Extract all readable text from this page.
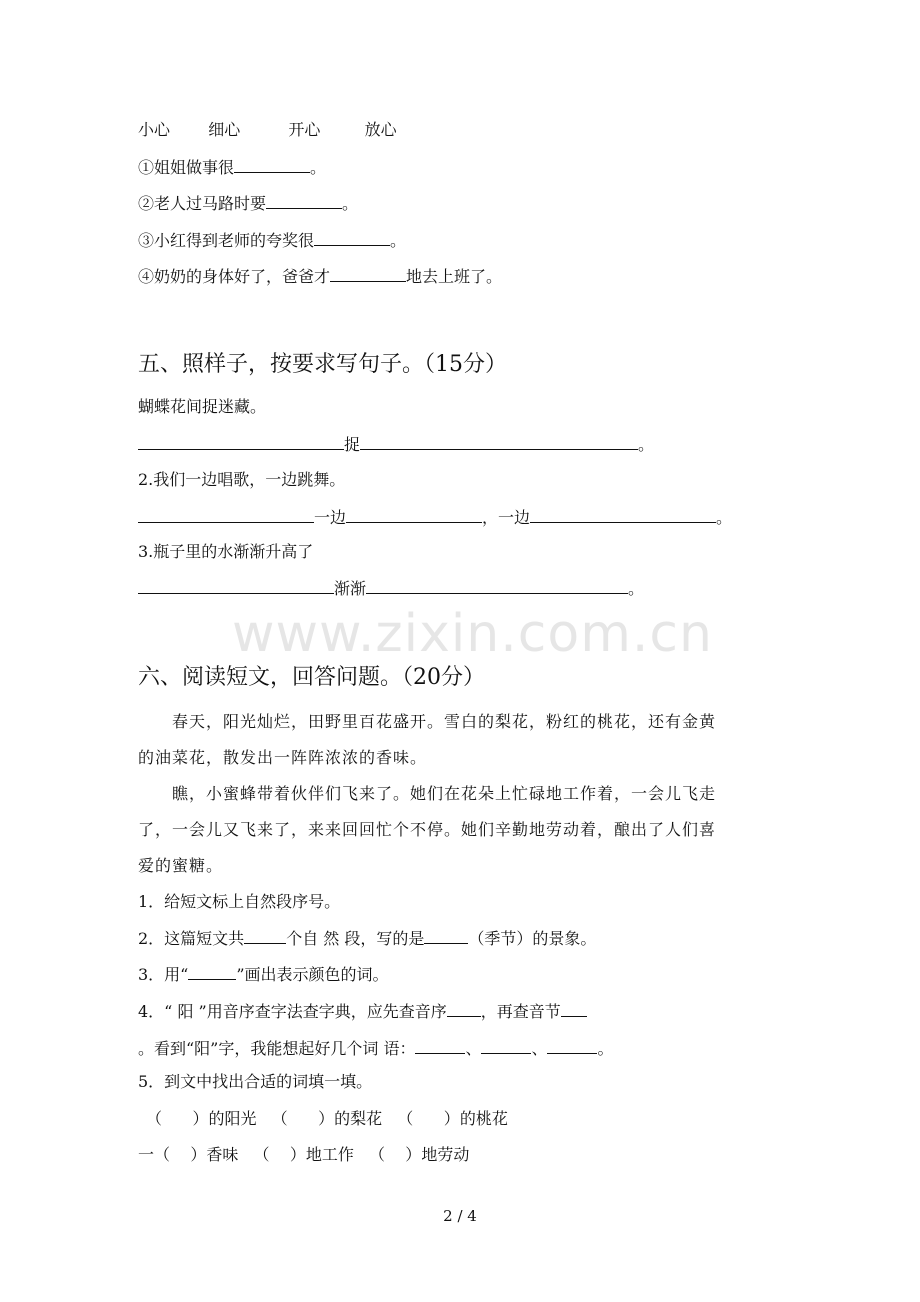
小心 细心	开心	放心
①姐姐做事很	。
②老人过马路时要	。
③小红得到老师的夸奖很	。
④奶奶的身体好了，爸爸才	地去上班了。
五、照样子，按要求写句子。（15分）
蝴蝶花间捉迷藏。
捉	。
2.我们一边唱歌，一边跳舞。
一边	，一边	。
3.瓶子里的水渐渐升高了
渐渐	。
www.zixin.com.cn
六、阅读短文，回答问题。（20分）
春天，阳光灿烂，田野里百花盛开。雪白的梨花，粉红的桃花，还有金黄的油菜花，散发出一阵阵浓浓的香味。
瞧，小蜜蜂带着伙伴们飞来了。她们在花朵上忙碌地工作着，一会儿飞走了，一会儿又飞来了，来来回回忙个不停。她们辛勤地劳动着，酿出了人们喜爱的蜜糖。
1．给短文标上自然段序号。
2．这篇短文共	个自 然 段，写的是	（季节）的景象。
3．用“	”画出表示颜色的词。
4．“ 阳 ”用音序查字法查字典，应先查音序 ，再查音节
。看到“阳”字，我能想起好几个词 语：	、	、	。
5．到文中找出合适的词填一填。
（      ）的阳光 （      ）的梨花 （      ）的桃花
一（    ）香味 （    ）地工作 （    ）地劳动
2 / 4
